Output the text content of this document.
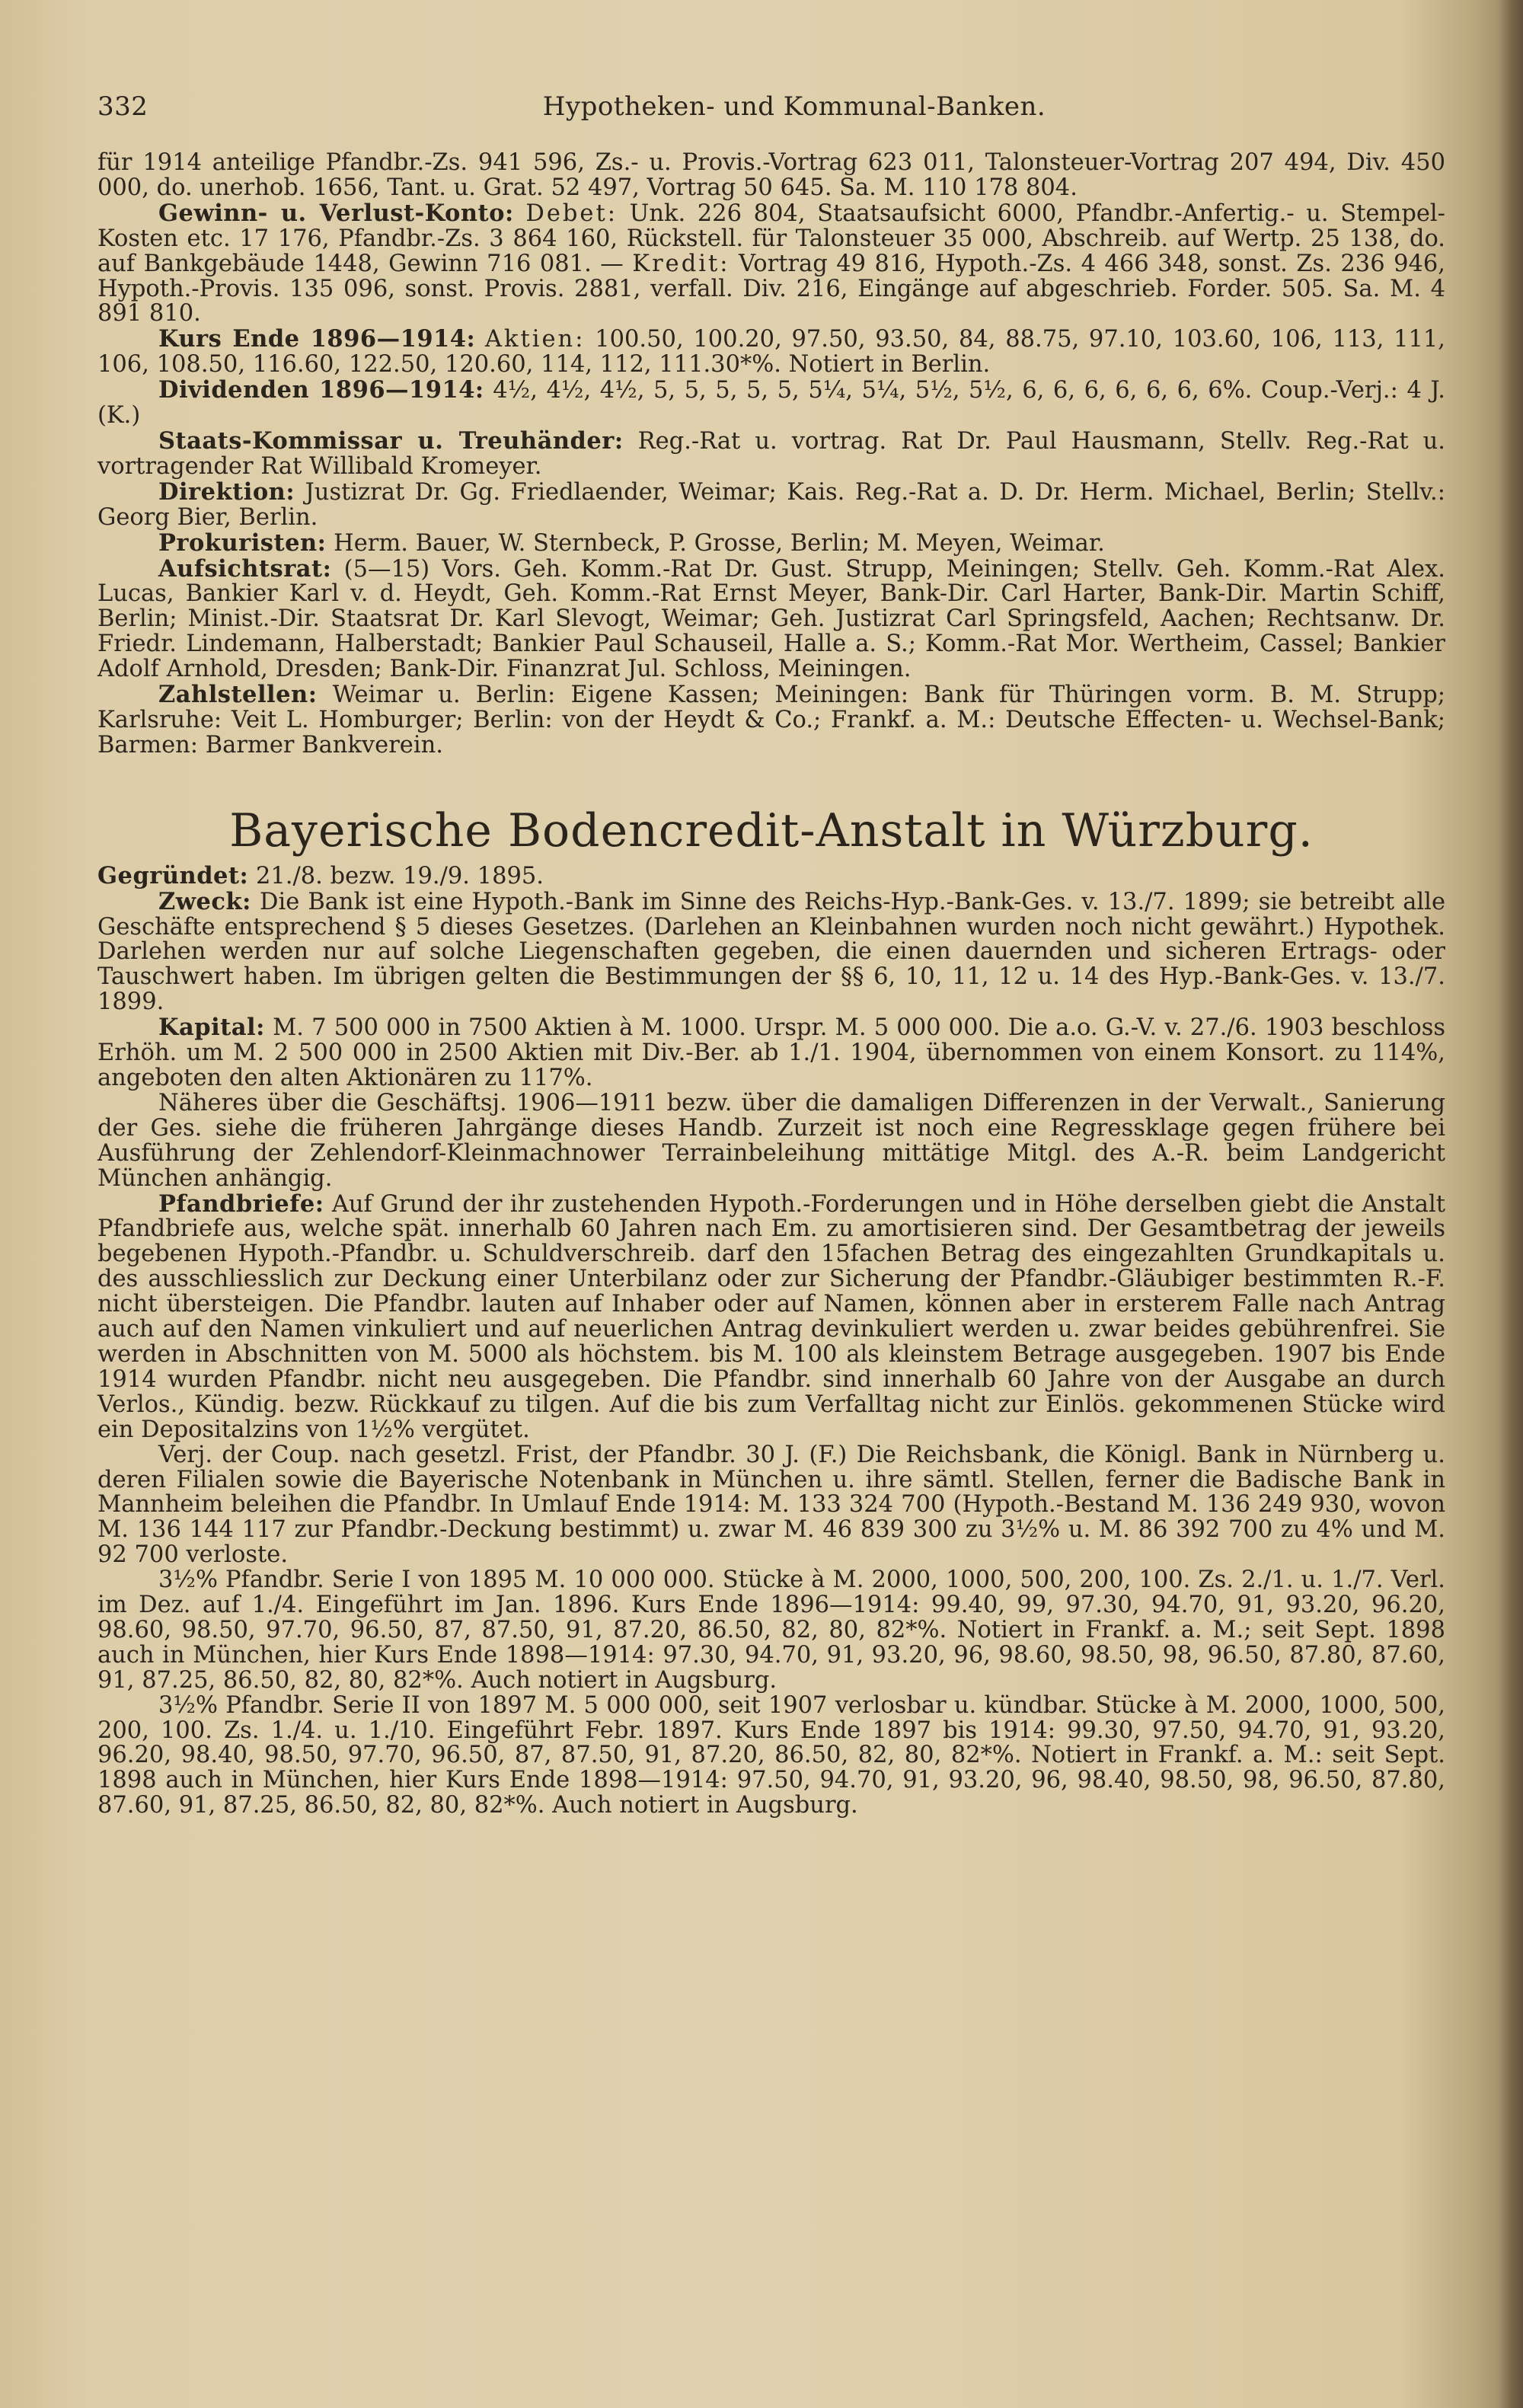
332	Hypotheken- und Kommunal-Banken.

für 1914 anteilige Pfandbr.-Zs. 941 596, Zs.- u. Provis.-Vortrag 623 011, Talonsteuer-Vortrag 207 494, Div. 450 000, do. unerhob. 1656, Tant. u. Grat. 52 497, Vortrag 50 645. Sa. M. 110 178 804.

Gewinn- u. Verlust-Konto: Debet: Unk. 226 804, Staatsaufsicht 6000, Pfandbr.-Anfertig.- u. Stempel-Kosten etc. 17 176, Pfandbr.-Zs. 3 864 160, Rückstell. für Talonsteuer 35 000, Abschreib. auf Wertp. 25 138, do. auf Bankgebäude 1448, Gewinn 716 081. — Kredit: Vortrag 49 816, Hypoth.-Zs. 4 466 348, sonst. Zs. 236 946, Hypoth.-Provis. 135 096, sonst. Provis. 2881, verfall. Div. 216, Eingänge auf abgeschrieb. Forder. 505. Sa. M. 4 891 810.

Kurs Ende 1896—1914: Aktien: 100.50, 100.20, 97.50, 93.50, 84, 88.75, 97.10, 103.60, 106, 113, 111, 106, 108.50, 116.60, 122.50, 120.60, 114, 112, 111.30*%. Notiert in Berlin.

Dividenden 1896—1914: 4½, 4½, 4½, 5, 5, 5, 5, 5, 5¼, 5¼, 5½, 5½, 6, 6, 6, 6, 6, 6, 6%. Coup.-Verj.: 4 J. (K.)

Staats-Kommissar u. Treuhänder: Reg.-Rat u. vortrag. Rat Dr. Paul Hausmann, Stellv. Reg.-Rat u. vortragender Rat Willibald Kromeyer.

Direktion: Justizrat Dr. Gg. Friedlaender, Weimar; Kais. Reg.-Rat a. D. Dr. Herm. Michael, Berlin; Stellv.: Georg Bier, Berlin.

Prokuristen: Herm. Bauer, W. Sternbeck, P. Grosse, Berlin; M. Meyen, Weimar.

Aufsichtsrat: (5—15) Vors. Geh. Komm.-Rat Dr. Gust. Strupp, Meiningen; Stellv. Geh. Komm.-Rat Alex. Lucas, Bankier Karl v. d. Heydt, Geh. Komm.-Rat Ernst Meyer, Bank-Dir. Carl Harter, Bank-Dir. Martin Schiff, Berlin; Minist.-Dir. Staatsrat Dr. Karl Slevogt, Weimar; Geh. Justizrat Carl Springsfeld, Aachen; Rechtsanw. Dr. Friedr. Lindemann, Halberstadt; Bankier Paul Schauseil, Halle a. S.; Komm.-Rat Mor. Wertheim, Cassel; Bankier Adolf Arnhold, Dresden; Bank-Dir. Finanzrat Jul. Schloss, Meiningen.

Zahlstellen: Weimar u. Berlin: Eigene Kassen; Meiningen: Bank für Thüringen vorm. B. M. Strupp; Karlsruhe: Veit L. Homburger; Berlin: von der Heydt & Co.; Frankf. a. M.: Deutsche Effecten- u. Wechsel-Bank; Barmen: Barmer Bankverein.

Bayerische Bodencredit-Anstalt in Würzburg.

Gegründet: 21./8. bezw. 19./9. 1895.

Zweck: Die Bank ist eine Hypoth.-Bank im Sinne des Reichs-Hyp.-Bank-Ges. v. 13./7. 1899; sie betreibt alle Geschäfte entsprechend § 5 dieses Gesetzes. (Darlehen an Kleinbahnen wurden noch nicht gewährt.) Hypothek. Darlehen werden nur auf solche Liegenschaften gegeben, die einen dauernden und sicheren Ertrags- oder Tauschwert haben. Im übrigen gelten die Bestimmungen der §§ 6, 10, 11, 12 u. 14 des Hyp.-Bank-Ges. v. 13./7. 1899.

Kapital: M. 7 500 000 in 7500 Aktien à M. 1000. Urspr. M. 5 000 000. Die a.o. G.-V. v. 27./6. 1903 beschloss Erhöh. um M. 2 500 000 in 2500 Aktien mit Div.-Ber. ab 1./1. 1904, übernommen von einem Konsort. zu 114%, angeboten den alten Aktionären zu 117%.

Näheres über die Geschäftsj. 1906—1911 bezw. über die damaligen Differenzen in der Verwalt., Sanierung der Ges. siehe die früheren Jahrgänge dieses Handb. Zurzeit ist noch eine Regressklage gegen frühere bei Ausführung der Zehlendorf-Kleinmachnower Terrainbeleihung mittätige Mitgl. des A.-R. beim Landgericht München anhängig.

Pfandbriefe: Auf Grund der ihr zustehenden Hypoth.-Forderungen und in Höhe derselben giebt die Anstalt Pfandbriefe aus, welche spät. innerhalb 60 Jahren nach Em. zu amortisieren sind. Der Gesamtbetrag der jeweils begebenen Hypoth.-Pfandbr. u. Schuldverschreib. darf den 15fachen Betrag des eingezahlten Grundkapitals u. des ausschliesslich zur Deckung einer Unterbilanz oder zur Sicherung der Pfandbr.-Gläubiger bestimmten R.-F. nicht übersteigen. Die Pfandbr. lauten auf Inhaber oder auf Namen, können aber in ersterem Falle nach Antrag auch auf den Namen vinkuliert und auf neuerlichen Antrag devinkuliert werden u. zwar beides gebührenfrei. Sie werden in Abschnitten von M. 5000 als höchstem. bis M. 100 als kleinstem Betrage ausgegeben. 1907 bis Ende 1914 wurden Pfandbr. nicht neu ausgegeben. Die Pfandbr. sind innerhalb 60 Jahre von der Ausgabe an durch Verlos., Kündig. bezw. Rückkauf zu tilgen. Auf die bis zum Verfalltag nicht zur Einlös. gekommenen Stücke wird ein Depositalzins von 1½% vergütet.

Verj. der Coup. nach gesetzl. Frist, der Pfandbr. 30 J. (F.) Die Reichsbank, die Königl. Bank in Nürnberg u. deren Filialen sowie die Bayerische Notenbank in München u. ihre sämtl. Stellen, ferner die Badische Bank in Mannheim beleihen die Pfandbr. In Umlauf Ende 1914: M. 133 324 700 (Hypoth.-Bestand M. 136 249 930, wovon M. 136 144 117 zur Pfandbr.-Deckung bestimmt) u. zwar M. 46 839 300 zu 3½% u. M. 86 392 700 zu 4% und M. 92 700 verloste.

3½% Pfandbr. Serie I von 1895 M. 10 000 000. Stücke à M. 2000, 1000, 500, 200, 100. Zs. 2./1. u. 1./7. Verl. im Dez. auf 1./4. Eingeführt im Jan. 1896. Kurs Ende 1896—1914: 99.40, 99, 97.30, 94.70, 91, 93.20, 96.20, 98.60, 98.50, 97.70, 96.50, 87, 87.50, 91, 87.20, 86.50, 82, 80, 82*%. Notiert in Frankf. a. M.; seit Sept. 1898 auch in München, hier Kurs Ende 1898—1914: 97.30, 94.70, 91, 93.20, 96, 98.60, 98.50, 98, 96.50, 87.80, 87.60, 91, 87.25, 86.50, 82, 80, 82*%. Auch notiert in Augsburg.

3½% Pfandbr. Serie II von 1897 M. 5 000 000, seit 1907 verlosbar u. kündbar. Stücke à M. 2000, 1000, 500, 200, 100. Zs. 1./4. u. 1./10. Eingeführt Febr. 1897. Kurs Ende 1897 bis 1914: 99.30, 97.50, 94.70, 91, 93.20, 96.20, 98.40, 98.50, 97.70, 96.50, 87, 87.50, 91, 87.20, 86.50, 82, 80, 82*%. Notiert in Frankf. a. M.: seit Sept. 1898 auch in München, hier Kurs Ende 1898—1914: 97.50, 94.70, 91, 93.20, 96, 98.40, 98.50, 98, 96.50, 87.80, 87.60, 91, 87.25, 86.50, 82, 80, 82*%. Auch notiert in Augsburg.
